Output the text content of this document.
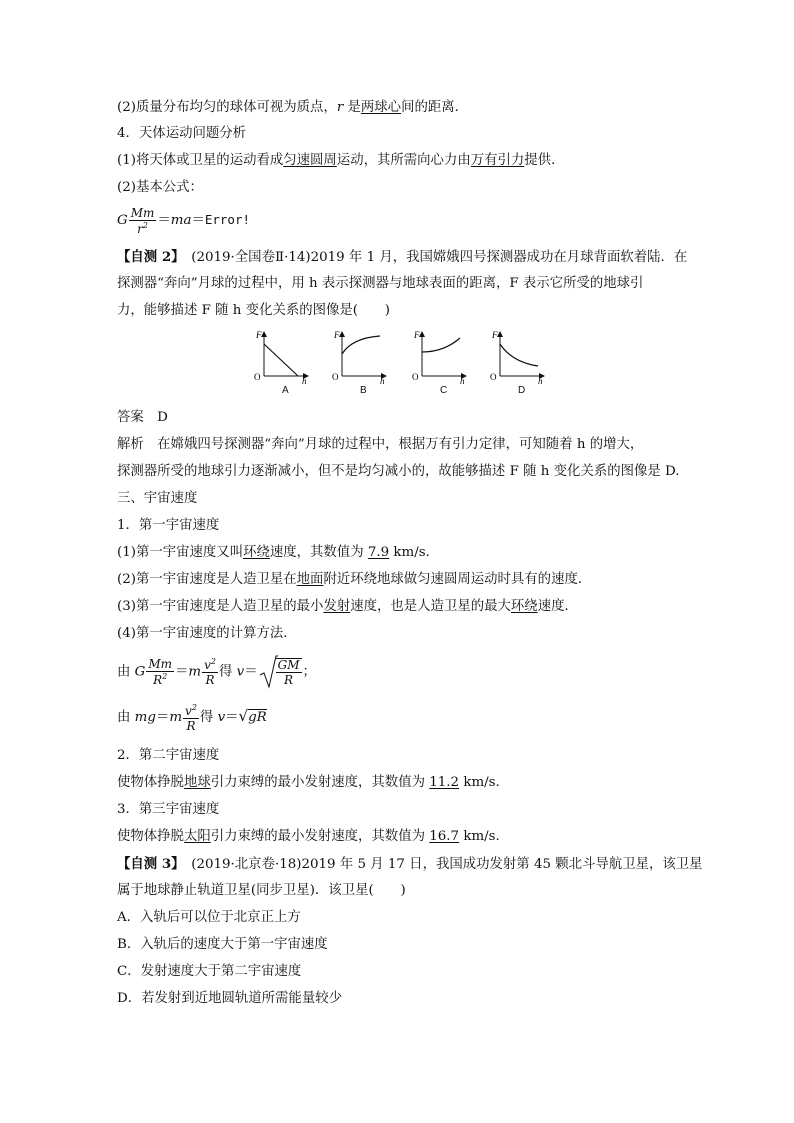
(2)质量分布均匀的球体可视为质点，r 是两球心间的距离．
4．天体运动问题分析
(1)将天体或卫星的运动看成匀速圆周运动，其所需向心力由万有引力提供．
(2)基本公式：
G $\frac{Mm}{r^2}$ ＝ma＝Error!
【自测 2】　(2019·全国卷Ⅱ·14)2019 年 1 月，我国嫦娥四号探测器成功在月球背面软着陆．在
探测器“奔向”月球的过程中，用 h 表示探测器与地球表面的距离，F 表示它所受的地球引
力，能够描述 F 随 h 变化关系的图像是(　　)
F	F	F	F
O	O	O	O
h	h	h	h
A	B	C	D
答案　D
解析　在嫦娥四号探测器“奔向”月球的过程中，根据万有引力定律，可知随着 h 的增大，
探测器所受的地球引力逐渐减小，但不是均匀减小的，故能够描述 F 随 h 变化关系的图像是 D.
三、宇宙速度
1．第一宇宙速度
(1)第一宇宙速度又叫环绕速度，其数值为 7.9 km/s.
(2)第一宇宙速度是人造卫星在地面附近环绕地球做匀速圆周运动时具有的速度．
(3)第一宇宙速度是人造卫星的最小发射速度，也是人造卫星的最大环绕速度．
(4)第一宇宙速度的计算方法．
由 G $\frac{Mm}{R^2} =m \frac{v^2}{R}$ 得 $v= \frac{GM}{R}$ ；
由 $mg=m \frac{v^2}{R}$ 得 v＝√gR
2．第二宇宙速度
使物体挣脱地球引力束缚的最小发射速度，其数值为 11.2 km/s.
3．第三宇宙速度
使物体挣脱太阳引力束缚的最小发射速度，其数值为 16.7 km/s.
【自测 3】　(2019·北京卷·18)2019 年 5 月 17 日，我国成功发射第 45 颗北斗导航卫星，该卫星
属于地球静止轨道卫星(同步卫星)．该卫星(　　)
A．入轨后可以位于北京正上方
B．入轨后的速度大于第一宇宙速度
C．发射速度大于第二宇宙速度
D．若发射到近地圆轨道所需能量较少
